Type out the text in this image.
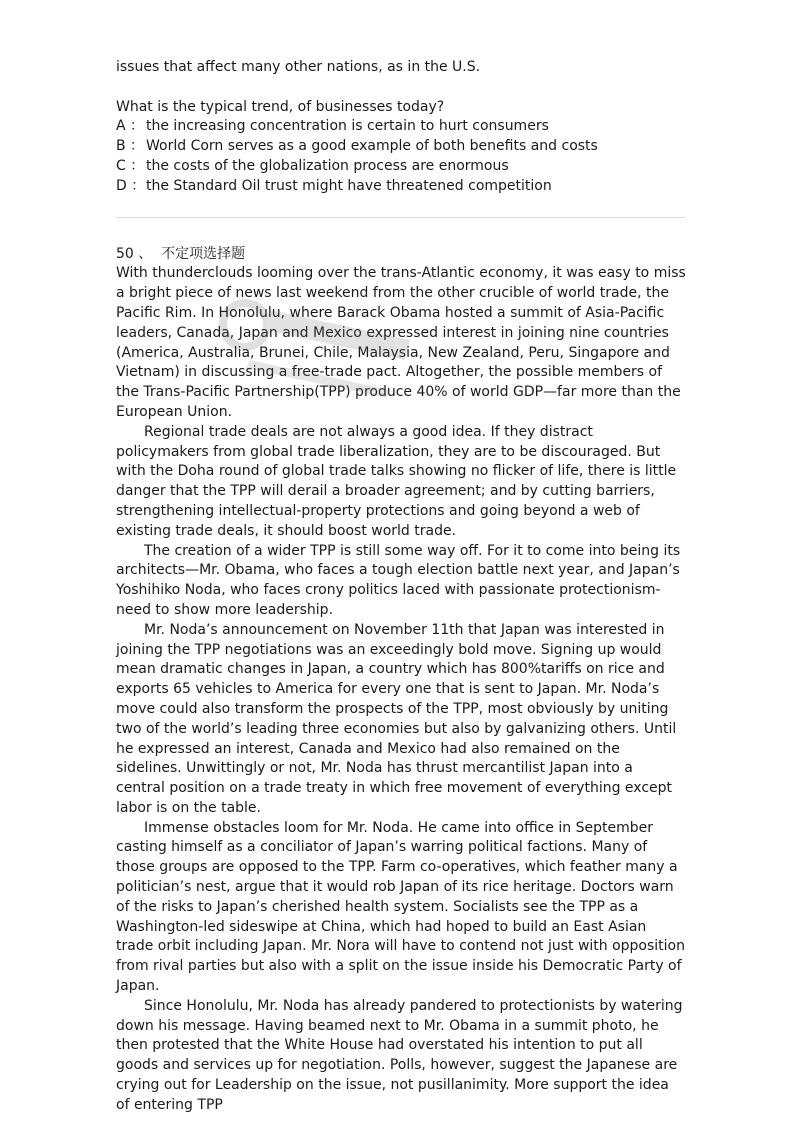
issues that affect many other nations, as in the U.S.

What is the typical trend, of businesses today?

A ： the increasing concentration is certain to hurt consumers

B ： World Corn serves as a good example of both benefits and costs

C ： the costs of the globalization process are enormous

D ：the Standard Oil trust might have threatened competition

50 、 不定项选择题

With thunderclouds looming over the trans-Atlantic economy, it was easy to miss a bright piece of news last weekend from the other crucible of world trade, the Pacific Rim. In Honolulu, where Barack Obama hosted a summit of Asia-Pacific leaders, Canada, Japan and Mexico expressed interest in joining nine countries (America, Australia, Brunei, Chile, Malaysia, New Zealand, Peru, Singapore and Vietnam) in discussing a free-trade pact. Altogether, the possible members of the Trans-Pacific Partnership(TPP) produce 40% of world GDP—far more than the European Union.

Regional trade deals are not always a good idea. If they distract policymakers from global trade liberalization, they are to be discouraged. But with the Doha round of global trade talks showing no flicker of life, there is little danger that the TPP will derail a broader agreement; and by cutting barriers, strengthening intellectual-property protections and going beyond a web of existing trade deals, it should boost world trade.

The creation of a wider TPP is still some way off. For it to come into being its architects—Mr. Obama, who faces a tough election battle next year, and Japan’s Yoshihiko Noda, who faces crony politics laced with passionate protectionism-need to show more leadership.

Mr. Noda’s announcement on November 11th that Japan was interested in joining the TPP negotiations was an exceedingly bold move. Signing up would mean dramatic changes in Japan, a country which has 800%tariffs on rice and exports 65 vehicles to America for every one that is sent to Japan. Mr. Noda’s move could also transform the prospects of the TPP, most obviously by uniting two of the world’s leading three economies but also by galvanizing others. Until he expressed an interest, Canada and Mexico had also remained on the sidelines. Unwittingly or not, Mr. Noda has thrust mercantilist Japan into a central position on a trade treaty in which free movement of everything except labor is on the table.

Immense obstacles loom for Mr. Noda. He came into office in September casting himself as a conciliator of Japan’s warring political factions. Many of those groups are opposed to the TPP. Farm co-operatives, which feather many a politician’s nest, argue that it would rob Japan of its rice heritage. Doctors warn of the risks to Japan’s cherished health system. Socialists see the TPP as a Washington-led sideswipe at China, which had hoped to build an East Asian trade orbit including Japan. Mr. Nora will have to contend not just with opposition from rival parties but also with a split on the issue inside his Democratic Party of Japan.

Since Honolulu, Mr. Noda has already pandered to protectionists by watering down his message. Having beamed next to Mr. Obama in a summit photo, he then protested that the White House had overstated his intention to put all goods and services up for negotiation. Polls, however, suggest the Japanese are crying out for Leadership on the issue, not pusillanimity. More support the idea of entering TPP
